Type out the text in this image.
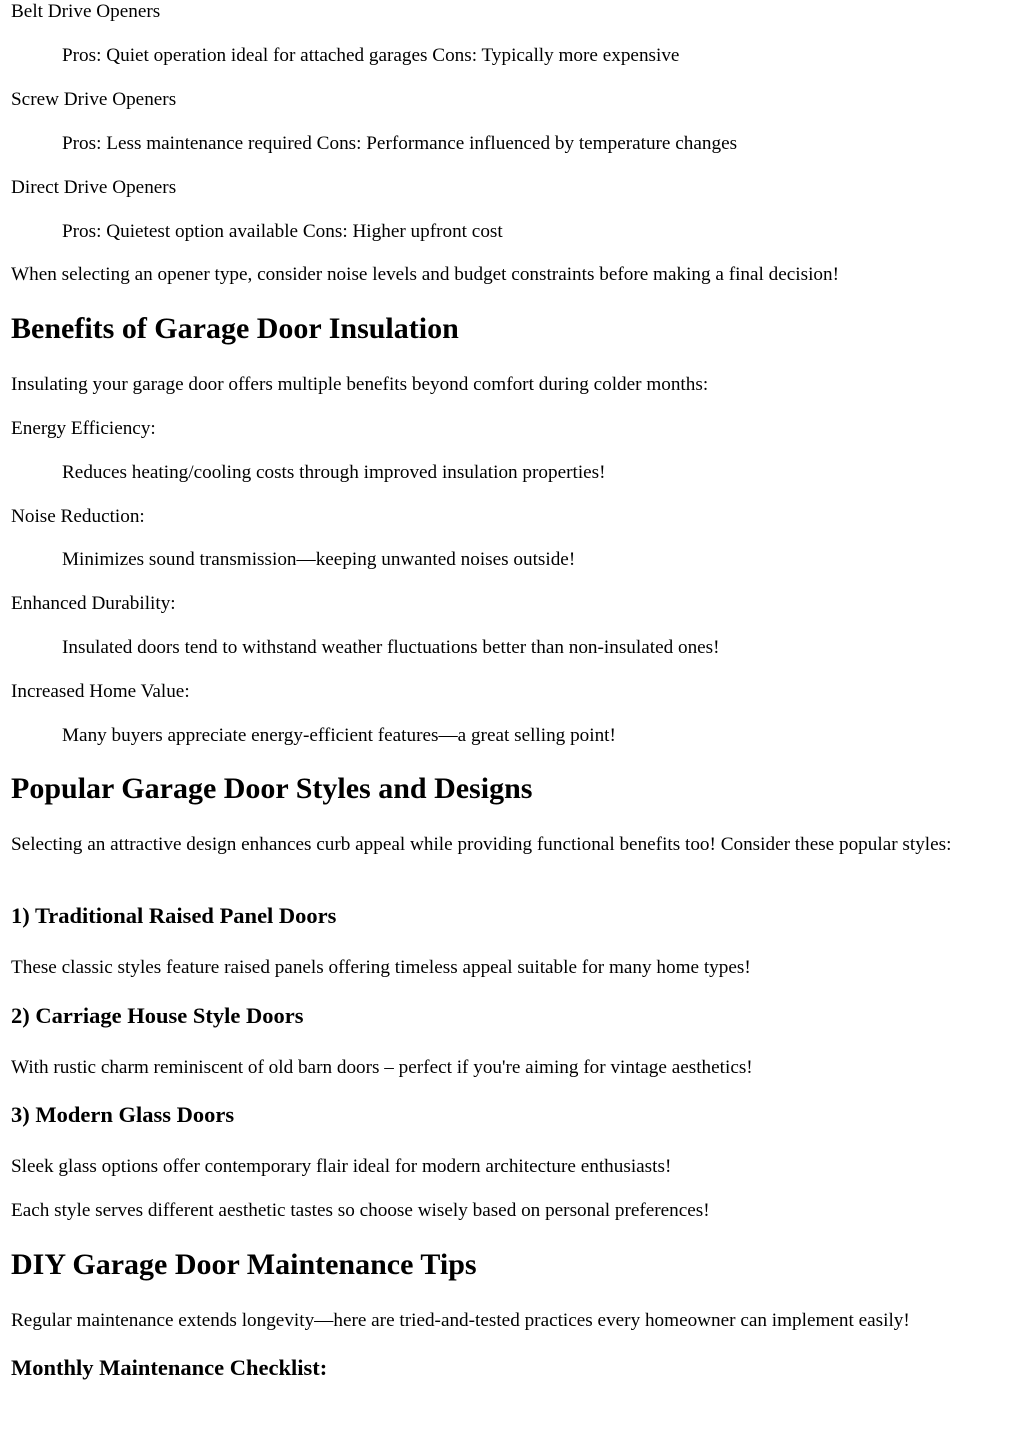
Belt Drive Openers

Pros: Quiet operation ideal for attached garages Cons: Typically more expensive

Screw Drive Openers

Pros: Less maintenance required Cons: Performance influenced by temperature changes

Direct Drive Openers

Pros: Quietest option available Cons: Higher upfront cost

When selecting an opener type, consider noise levels and budget constraints before making a final decision!

Benefits of Garage Door Insulation

Insulating your garage door offers multiple benefits beyond comfort during colder months:

Energy Efficiency:

Reduces heating/cooling costs through improved insulation properties!

Noise Reduction:

Minimizes sound transmission—keeping unwanted noises outside!

Enhanced Durability:

Insulated doors tend to withstand weather fluctuations better than non-insulated ones!

Increased Home Value:

Many buyers appreciate energy-efficient features—a great selling point!

Popular Garage Door Styles and Designs

Selecting an attractive design enhances curb appeal while providing functional benefits too! Consider these popular styles:

1) Traditional Raised Panel Doors

These classic styles feature raised panels offering timeless appeal suitable for many home types!

2) Carriage House Style Doors

With rustic charm reminiscent of old barn doors – perfect if you're aiming for vintage aesthetics!

3) Modern Glass Doors

Sleek glass options offer contemporary flair ideal for modern architecture enthusiasts!

Each style serves different aesthetic tastes so choose wisely based on personal preferences!

DIY Garage Door Maintenance Tips

Regular maintenance extends longevity—here are tried-and-tested practices every homeowner can implement easily!

Monthly Maintenance Checklist:
